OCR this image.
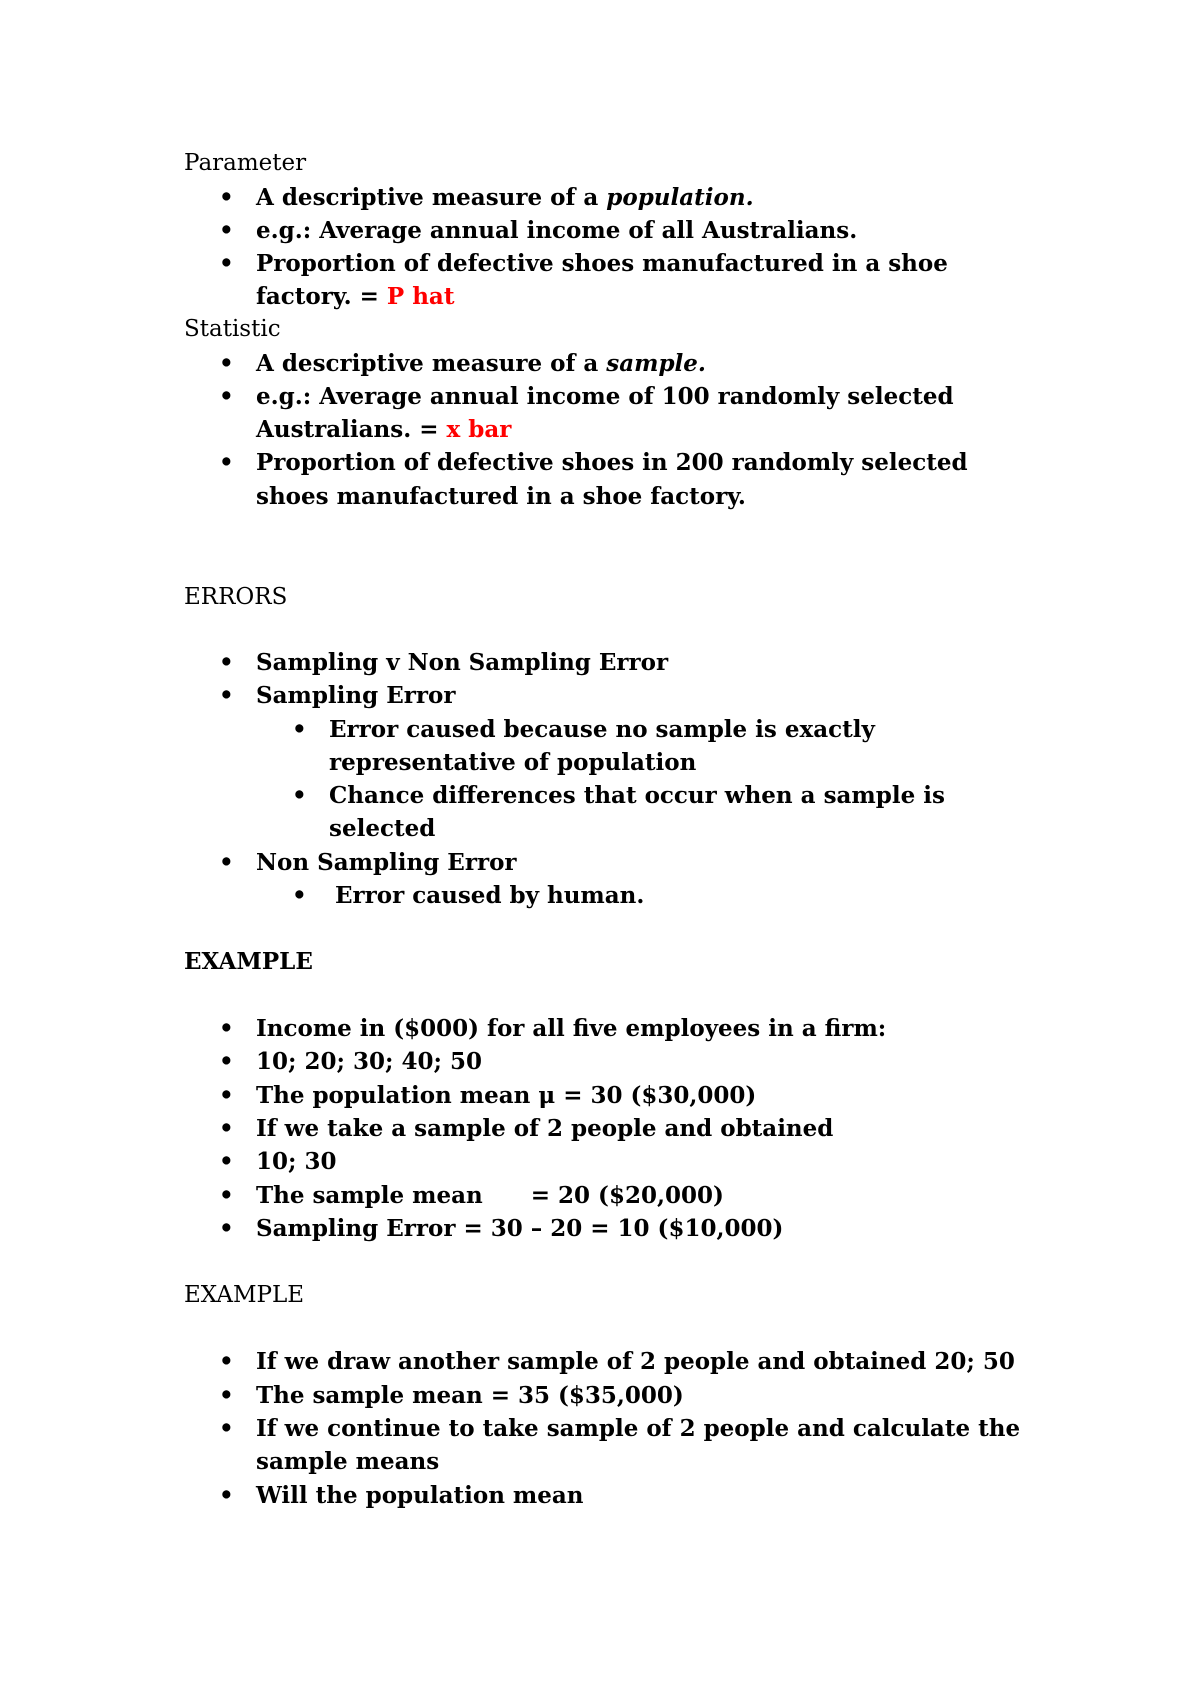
Parameter
• A descriptive measure of a population.
• e.g.: Average annual income of all Australians.
• Proportion of defective shoes manufactured in a shoe
factory. = P hat
Statistic
• A descriptive measure of a sample.
• e.g.: Average annual income of 100 randomly selected
Australians. = x bar
• Proportion of defective shoes in 200 randomly selected
shoes manufactured in a shoe factory.
ERRORS
• Sampling v Non Sampling Error
• Sampling Error
• Error caused because no sample is exactly
representative of population
• Chance differences that occur when a sample is
selected
• Non Sampling Error
• Error caused by human.
EXAMPLE
• Income in ($000) for all five employees in a firm:
• 10; 20; 30; 40; 50
• The population mean μ = 30 ($30,000)
• If we take a sample of 2 people and obtained
• 10; 30
• The sample mean      = 20 ($20,000)
• Sampling Error = 30 – 20 = 10 ($10,000)
EXAMPLE
• If we draw another sample of 2 people and obtained 20; 50
• The sample mean = 35 ($35,000)
• If we continue to take sample of 2 people and calculate the
sample means
• Will the population mean
